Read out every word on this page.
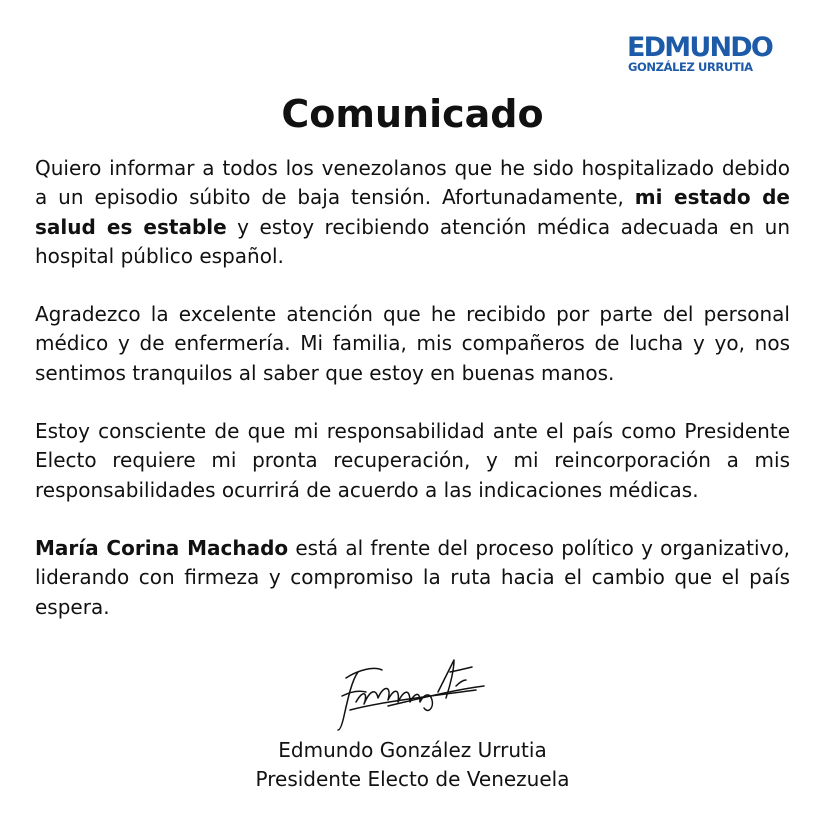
EDMUNDO
GONZÁLEZ URRUTIA
Comunicado

Quiero informar a todos los venezolanos que he sido hospitalizado debido a un episodio súbito de baja tensión. Afortunadamente, mi estado de salud es estable y estoy recibiendo atención médica adecuada en un hospital público español.

Agradezco la excelente atención que he recibido por parte del personal médico y de enfermería. Mi familia, mis compañeros de lucha y yo, nos sentimos tranquilos al saber que estoy en buenas manos.

Estoy consciente de que mi responsabilidad ante el país como Presidente Electo requiere mi pronta recuperación, y mi reincorporación a mis responsabilidades ocurrirá de acuerdo a las indicaciones médicas.

María Corina Machado está al frente del proceso político y organizativo, liderando con firmeza y compromiso la ruta hacia el cambio que el país espera.

Edmundo González Urrutia
Presidente Electo de Venezuela
